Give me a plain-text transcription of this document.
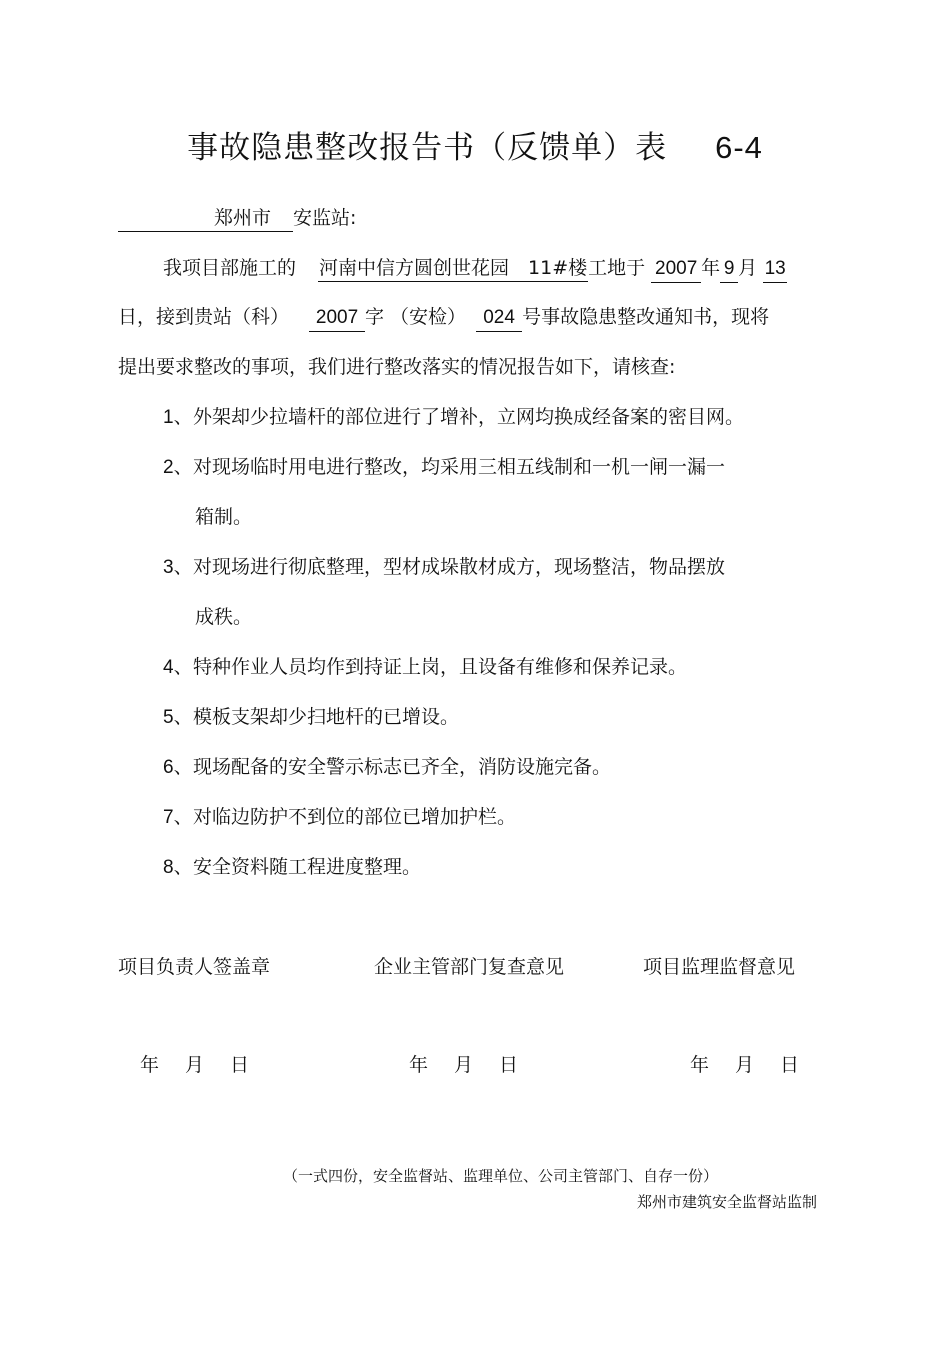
事故隐患整改报告书（反馈单）表 6-4
郑州市 安监站:
我项目部施工的 河南中信方圆创世花园　11#楼工地于 2007 年 9 月 13
日，接到贵站（科） 2007 字 （安检） 024 号事故隐患整改通知书，现将
提出要求整改的事项，我们进行整改落实的情况报告如下，请核查:
1、外架却少拉墙杆的部位进行了增补，立网均换成经备案的密目网。
2、对现场临时用电进行整改，均采用三相五线制和一机一闸一漏一
箱制。
3、对现场进行彻底整理，型材成垛散材成方，现场整洁，物品摆放
成秩。
4、特种作业人员均作到持证上岗，且设备有维修和保养记录。
5、模板支架却少扫地杆的已增设。
6、现场配备的安全警示标志已齐全，消防设施完备。
7、对临边防护不到位的部位已增加护栏。
8、安全资料随工程进度整理。
项目负责人签盖章	企业主管部门复查意见	项目监理监督意见
年 月 日	年 月 日	年 月 日
（一式四份，安全监督站、监理单位、公司主管部门、自存一份）
郑州市建筑安全监督站监制
